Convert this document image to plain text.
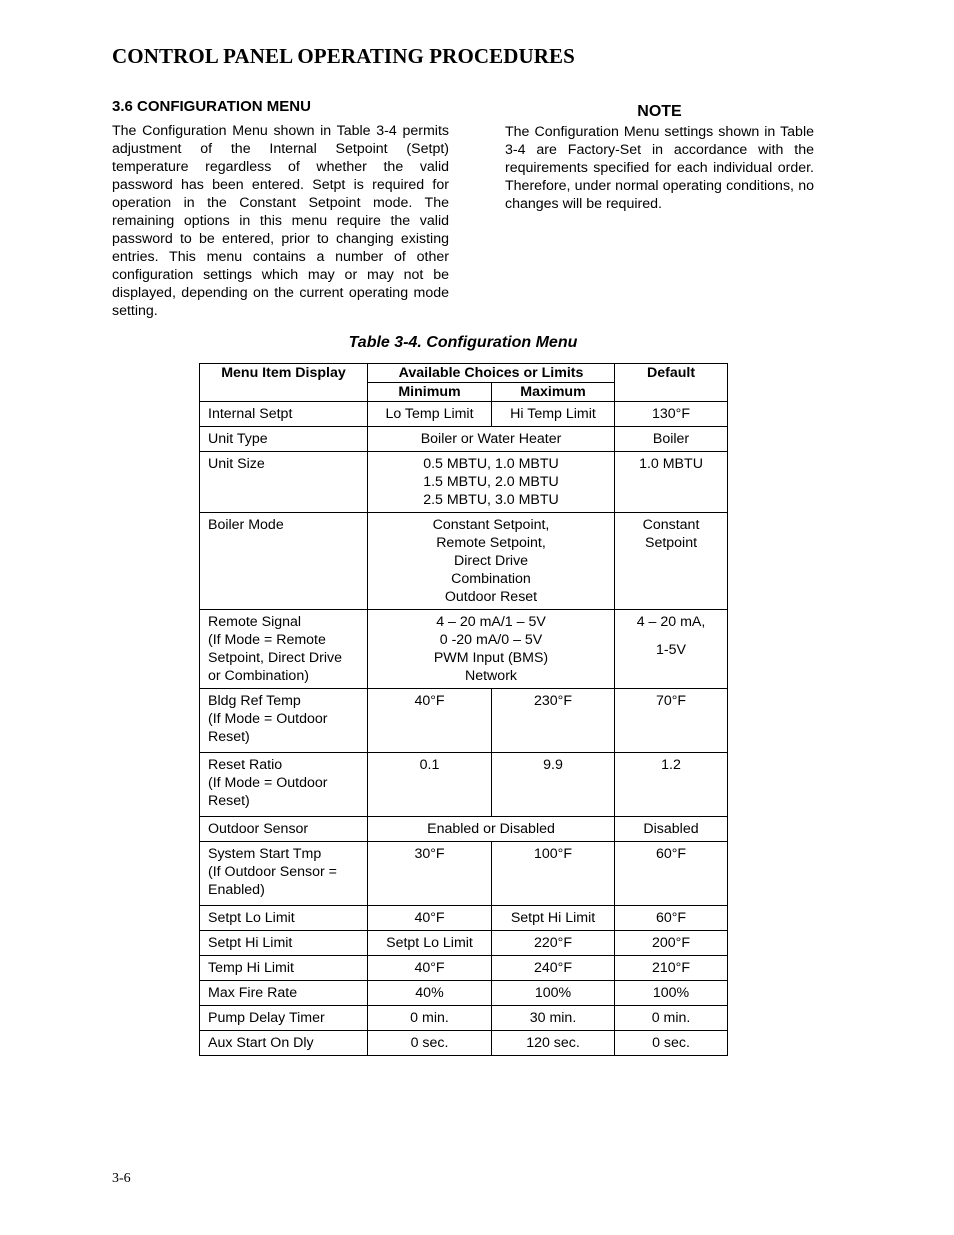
CONTROL PANEL OPERATING PROCEDURES
3.6 CONFIGURATION MENU

The Configuration Menu shown in Table 3-4 permits adjustment of the Internal Setpoint (Setpt) temperature regardless of whether the valid password has been entered. Setpt is required for operation in the Constant Setpoint mode. The remaining options in this menu require the valid password to be entered, prior to changing existing entries. This menu contains a number of other configuration settings which may or may not be displayed, depending on the current operating mode setting.

NOTE

The Configuration Menu settings shown in Table 3-4 are Factory-Set in accordance with the requirements specified for each individual order. Therefore, under normal operating conditions, no changes will be required.

Table 3-4. Configuration Menu
Menu Item Display	Available Choices or Limits		Default
	Minimum	Maximum	

Internal Setpt	Lo Temp Limit	Hi Temp Limit	130°F

Unit Type	Boiler or Water Heater		Boiler

Unit Size	0.5 MBTU, 1.0 MBTU
1.5 MBTU, 2.0 MBTU
2.5 MBTU, 3.0 MBTU		1.0 MBTU

Boiler Mode	Constant Setpoint,
Remote Setpoint,
Direct Drive
Combination
Outdoor Reset		Constant
Setpoint

Remote Signal
(If Mode = Remote
Setpoint, Direct Drive
or Combination)	4 – 20 mA/1 – 5V
0 -20 mA/0 – 5V
PWM Input (BMS)
Network		4 – 20 mA,
1-5V

Bldg Ref Temp
(If Mode = Outdoor
Reset)	40°F	230°F	70°F

Reset Ratio
(If Mode = Outdoor
Reset)	0.1	9.9	1.2

Outdoor Sensor	Enabled or Disabled		Disabled

System Start Tmp
(If Outdoor Sensor =
Enabled)	30°F	100°F	60°F

Setpt Lo Limit	40°F	Setpt Hi Limit	60°F

Setpt Hi Limit	Setpt Lo Limit	220°F	200°F

Temp Hi Limit	40°F	240°F	210°F

Max Fire Rate	40%	100%	100%

Pump Delay Timer	0 min.	30 min.	0 min.

Aux Start On Dly	0 sec.	120 sec.	0 sec.
3-6
